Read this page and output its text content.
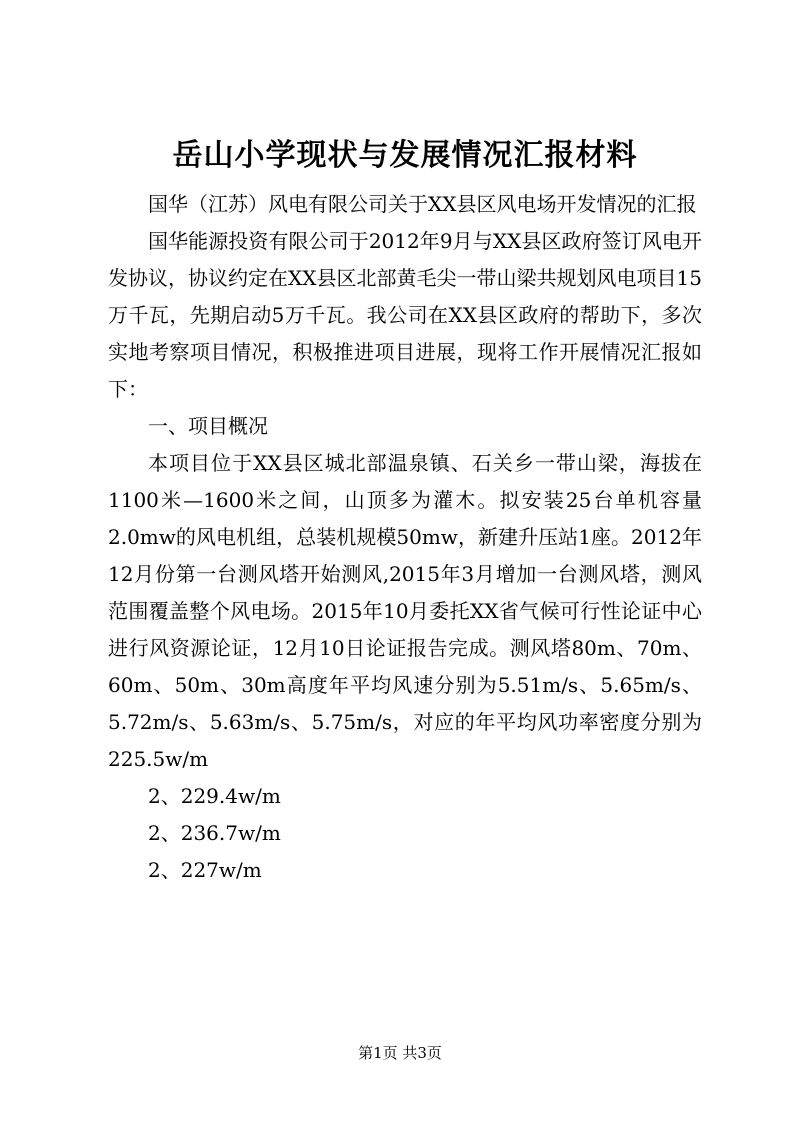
岳山小学现状与发展情况汇报材料

国华（江苏）风电有限公司关于XX县区风电场开发情况的汇报

国华能源投资有限公司于2012年9月与XX县区政府签订风电开发协议，协议约定在XX县区北部黄毛尖一带山梁共规划风电项目15万千瓦，先期启动5万千瓦。我公司在XX县区政府的帮助下，多次实地考察项目情况，积极推进项目进展，现将工作开展情况汇报如下：

一、项目概况

本项目位于XX县区城北部温泉镇、石关乡一带山梁，海拔在1100米—1600米之间，山顶多为灌木。拟安装25台单机容量2.0mw的风电机组，总装机规模50mw，新建升压站1座。2012年12月份第一台测风塔开始测风,2015年3月增加一台测风塔，测风范围覆盖整个风电场。2015年10月委托XX省气候可行性论证中心进行风资源论证，12月10日论证报告完成。测风塔80m、70m、60m、50m、30m高度年平均风速分别为5.51m/s、5.65m/s、5.72m/s、5.63m/s、5.75m/s，对应的年平均风功率密度分别为225.5w/m

2、229.4w/m

2、236.7w/m

2、227w/m

第1页 共3页
